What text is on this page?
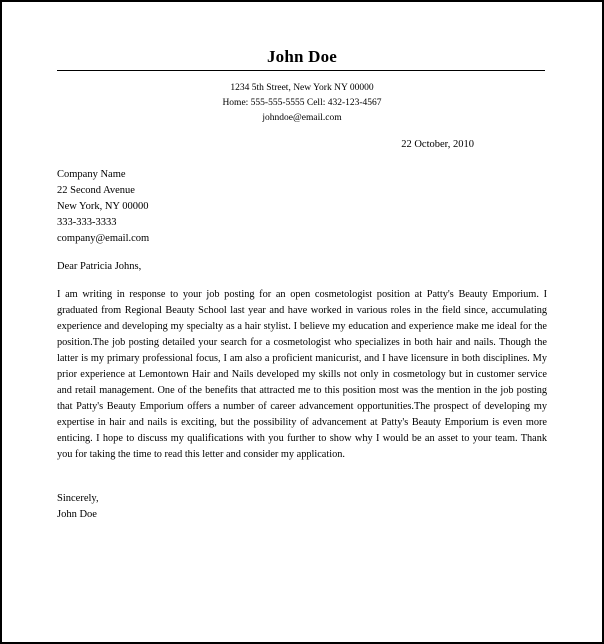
John Doe
1234 5th Street, New York NY 00000
Home: 555-555-5555 Cell: 432-123-4567
johndoe@email.com
22 October, 2010
Company Name
22 Second Avenue
New York, NY 00000
333-333-3333
company@email.com
Dear Patricia Johns,

I am writing in response to your job posting for an open cosmetologist position at Patty's Beauty Emporium. I graduated from Regional Beauty School last year and have worked in various roles in the field since, accumulating experience and developing my specialty as a hair stylist. I believe my education and experience make me ideal for the position.The job posting detailed your search for a cosmetologist who specializes in both hair and nails. Though the latter is my primary professional focus, I am also a proficient manicurist, and I have licensure in both disciplines. My prior experience at Lemontown Hair and Nails developed my skills not only in cosmetology but in customer service and retail management. One of the benefits that attracted me to this position most was the mention in the job posting that Patty's Beauty Emporium offers a number of career advancement opportunities.The prospect of developing my expertise in hair and nails is exciting, but the possibility of advancement at Patty's Beauty Emporium is even more enticing. I hope to discuss my qualifications with you further to show why I would be an asset to your team. Thank you for taking the time to read this letter and consider my application.

Sincerely,
John Doe
